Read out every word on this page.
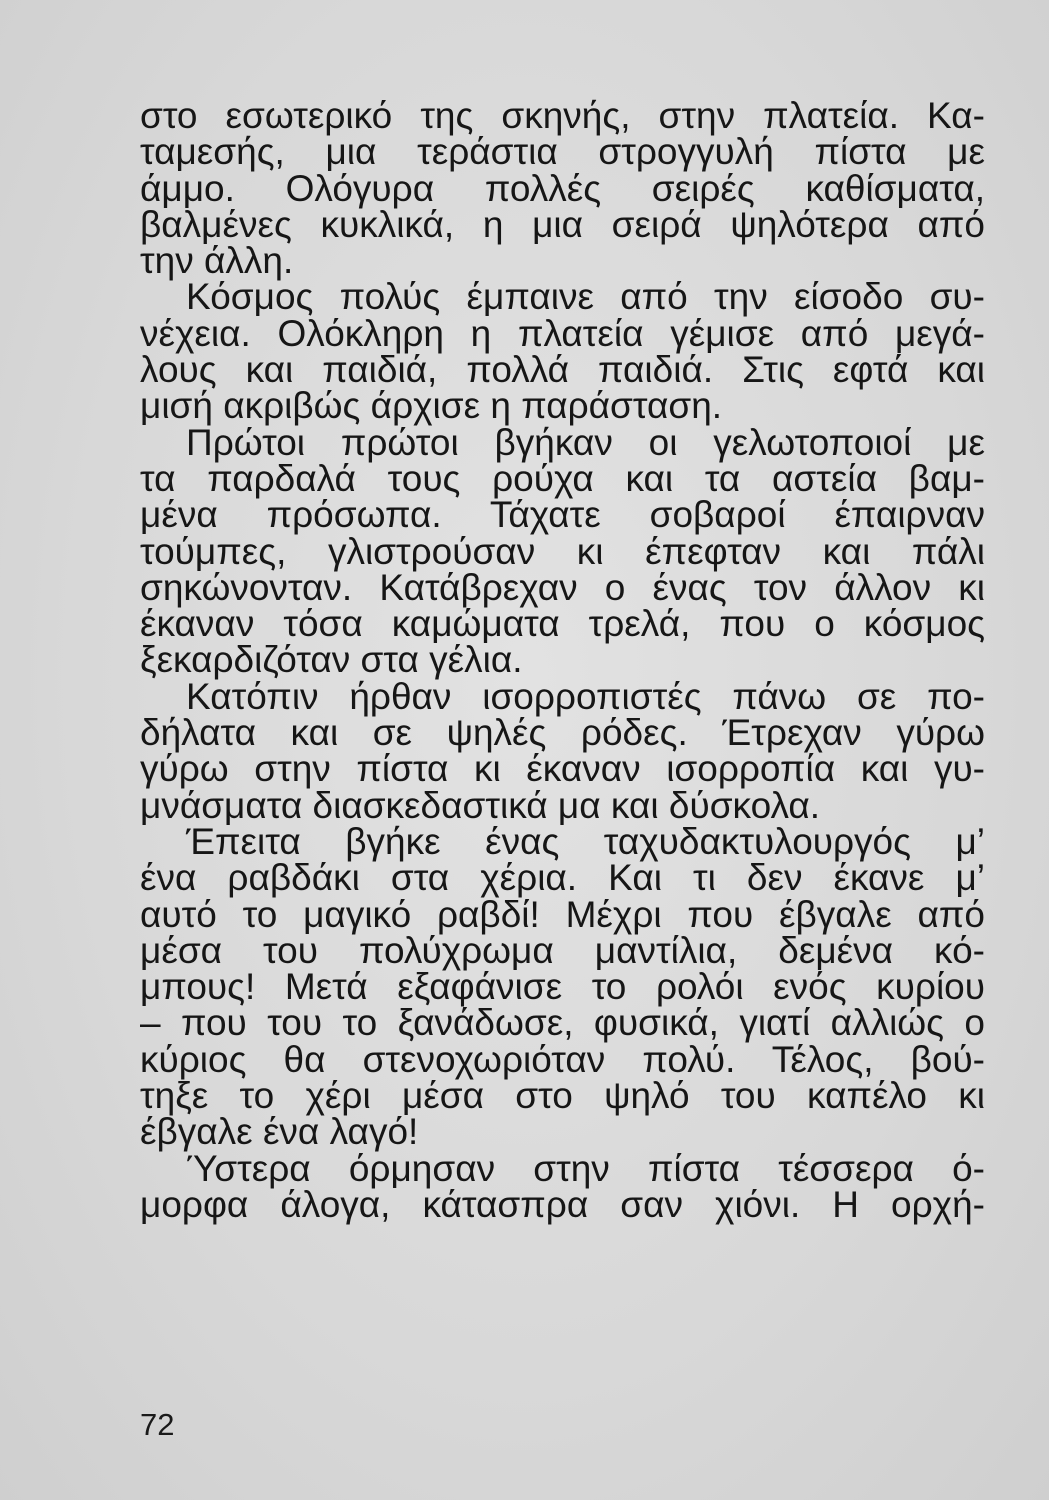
στο εσωτερικό της σκηνής, στην πλατεία. Κα-
ταμεσής, μια τεράστια στρογγυλή πίστα με
άμμο. Ολόγυρα πολλές σειρές καθίσματα,
βαλμένες κυκλικά, η μια σειρά ψηλότερα από
την άλλη.
Κόσμος πολύς έμπαινε από την είσοδο συ-
νέχεια. Ολόκληρη η πλατεία γέμισε από μεγά-
λους και παιδιά, πολλά παιδιά. Στις εφτά και
μισή ακριβώς άρχισε η παράσταση.
Πρώτοι πρώτοι βγήκαν οι γελωτοποιοί με
τα παρδαλά τους ρούχα και τα αστεία βαμ-
μένα πρόσωπα. Τάχατε σοβαροί έπαιρναν
τούμπες, γλιστρούσαν κι έπεφταν και πάλι
σηκώνονταν. Κατάβρεχαν ο ένας τον άλλον κι
έκαναν τόσα καμώματα τρελά, που ο κόσμος
ξεκαρδιζόταν στα γέλια.
Κατόπιν ήρθαν ισορροπιστές πάνω σε πο-
δήλατα και σε ψηλές ρόδες. Έτρεχαν γύρω
γύρω στην πίστα κι έκαναν ισορροπία και γυ-
μνάσματα διασκεδαστικά μα και δύσκολα.
Έπειτα βγήκε ένας ταχυδακτυλουργός μ’
ένα ραβδάκι στα χέρια. Και τι δεν έκανε μ’
αυτό το μαγικό ραβδί! Μέχρι που έβγαλε από
μέσα του πολύχρωμα μαντίλια, δεμένα κό-
μπους! Μετά εξαφάνισε το ρολόι ενός κυρίου
– που του το ξανάδωσε, φυσικά, γιατί αλλιώς ο
κύριος θα στενοχωριόταν πολύ. Τέλος, βού-
τηξε το χέρι μέσα στο ψηλό του καπέλο κι
έβγαλε ένα λαγό!
Ύστερα όρμησαν στην πίστα τέσσερα ό-
μορφα άλογα, κάτασπρα σαν χιόνι. Η ορχή-
72
